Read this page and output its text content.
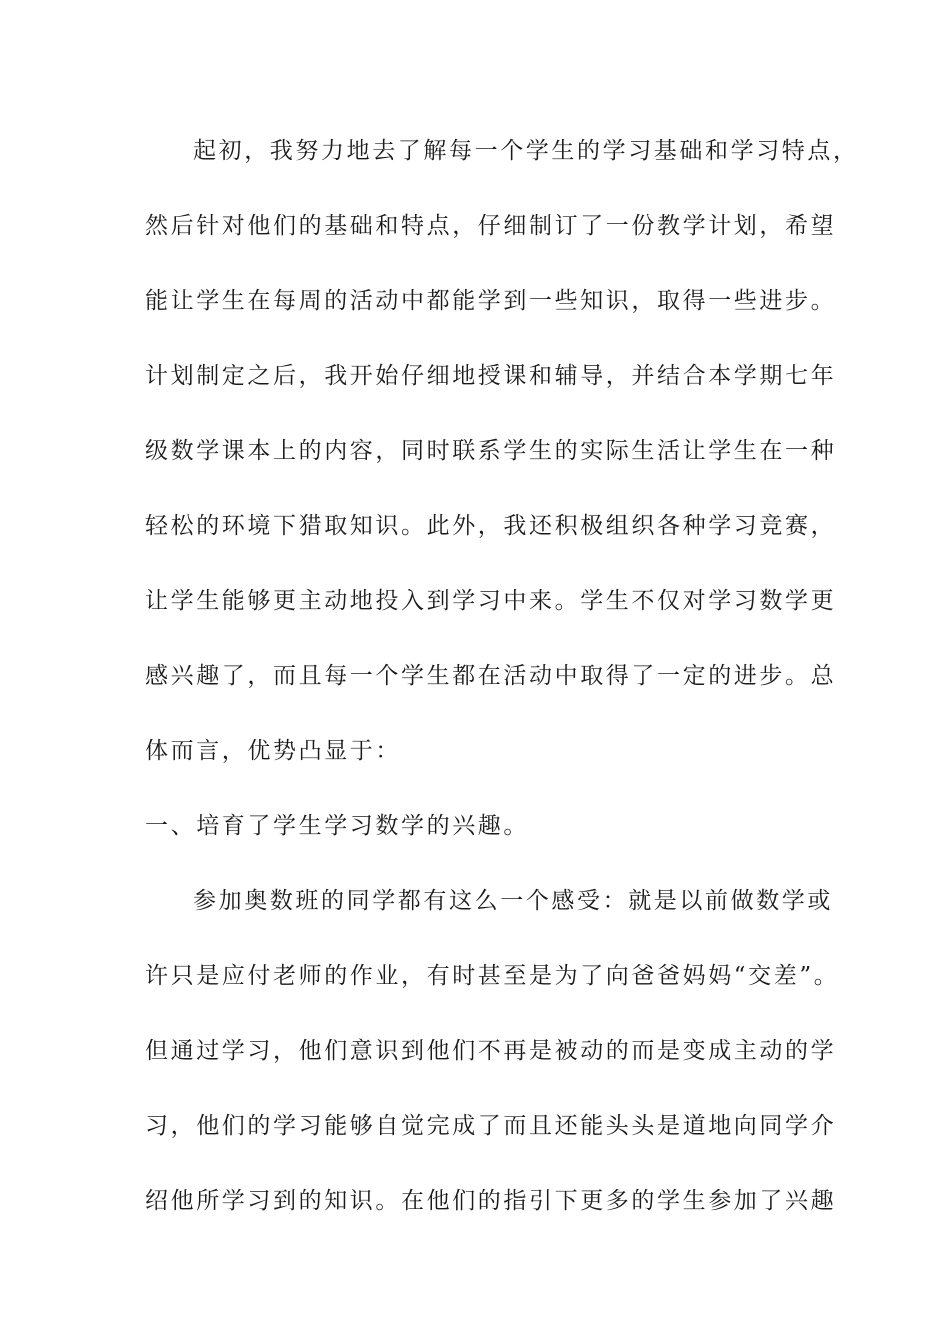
起初，我努力地去了解每一个学生的学习基础和学习特点，
然后针对他们的基础和特点，仔细制订了一份教学计划，希望
能让学生在每周的活动中都能学到一些知识，取得一些进步。
计划制定之后，我开始仔细地授课和辅导，并结合本学期七年
级数学课本上的内容，同时联系学生的实际生活让学生在一种
轻松的环境下猎取知识。此外，我还积极组织各种学习竞赛，
让学生能够更主动地投入到学习中来。学生不仅对学习数学更
感兴趣了，而且每一个学生都在活动中取得了一定的进步。总
体而言，优势凸显于：
一、培育了学生学习数学的兴趣。
参加奥数班的同学都有这么一个感受：就是以前做数学或
许只是应付老师的作业，有时甚至是为了向爸爸妈妈“交差”。
但通过学习，他们意识到他们不再是被动的而是变成主动的学
习，他们的学习能够自觉完成了而且还能头头是道地向同学介
绍他所学习到的知识。在他们的指引下更多的学生参加了兴趣
